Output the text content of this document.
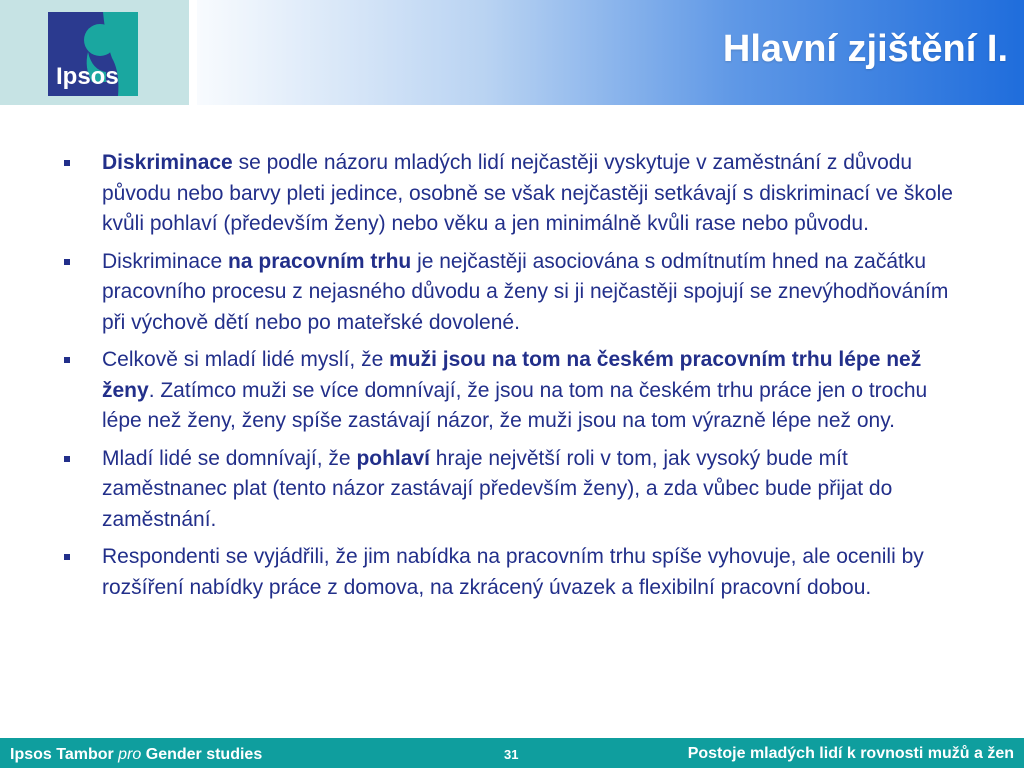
Ipsos
Hlavní zjištění I.
Diskriminace se podle názoru mladých lidí nejčastěji vyskytuje v zaměstnání z důvodu původu nebo barvy pleti jedince, osobně se však nejčastěji setkávají s diskriminací ve škole kvůli pohlaví (především ženy) nebo věku a jen minimálně kvůli rase nebo původu.
Diskriminace na pracovním trhu je nejčastěji asociována s odmítnutím hned na začátku pracovního procesu z nejasného důvodu a ženy si ji nejčastěji spojují se znevýhodňováním při výchově dětí nebo po mateřské dovolené.
Celkově si mladí lidé myslí, že muži jsou na tom na českém pracovním trhu lépe než ženy. Zatímco muži se více domnívají, že jsou na tom na českém trhu práce jen o trochu lépe než ženy, ženy spíše zastávají názor, že muži jsou na tom výrazně lépe než ony.
Mladí lidé se domnívají, že pohlaví hraje největší roli v tom, jak vysoký bude mít zaměstnanec plat (tento názor zastávají především ženy), a zda vůbec bude přijat do zaměstnání.
Respondenti se vyjádřili, že jim nabídka na pracovním trhu spíše vyhovuje, ale ocenili by rozšíření nabídky práce z domova, na zkrácený úvazek a flexibilní pracovní dobou.
Ipsos Tambor pro Gender studies	31	Postoje mladých lidí k rovnosti mužů a žen
